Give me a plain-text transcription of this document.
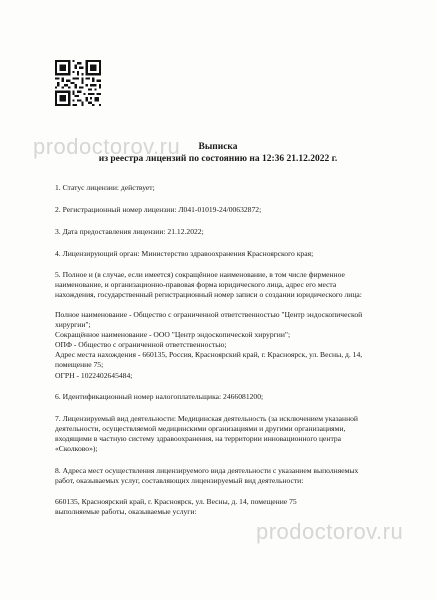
prodoctorov.ru
prodoctorov.ru
Выписка
из реестра лицензий по состоянию на 12:36 21.12.2022 г.
1. Статус лицензии: действует;
2. Регистрационный номер лицензии: Л041-01019-24/00632872;
3. Дата предоставления лицензии: 21.12.2022;
4. Лицензирующий орган: Министерство здравоохранения Красноярского края;
5. Полное и (в случае, если имеется) сокращённое наименование, в том числе фирменное
наименование, и организационно-правовая форма юридического лица, адрес его места
нахождения, государственный регистрационный номер записи о создании юридического лица:
Полное наименование - Общество с ограниченной ответственностью "Центр эндоскопической
хирургии";
Сокращённое наименование - ООО "Центр эндоскопической хирургии";
ОПФ - Общество с ограниченной ответственностью;
Адрес места нахождения - 660135, Россия, Красноярский край, г. Красноярск, ул. Весны, д. 14,
помещение 75;
ОГРН - 1022402645484;
6. Идентификационный номер налогоплательщика: 2466081200;
7. Лицензируемый вид деятельности: Медицинская деятельность (за исключением указанной
деятельности, осуществляемой медицинскими организациями и другими организациями,
входящими в частную систему здравоохранения, на территории инновационного центра
«Сколково»);
8. Адреса мест осуществления лицензируемого вида деятельности с указанием выполняемых
работ, оказываемых услуг, составляющих лицензируемый вид деятельности:
660135, Красноярский край, г. Красноярск, ул. Весны, д. 14, помещение 75
выполняемые работы, оказываемые услуги:
